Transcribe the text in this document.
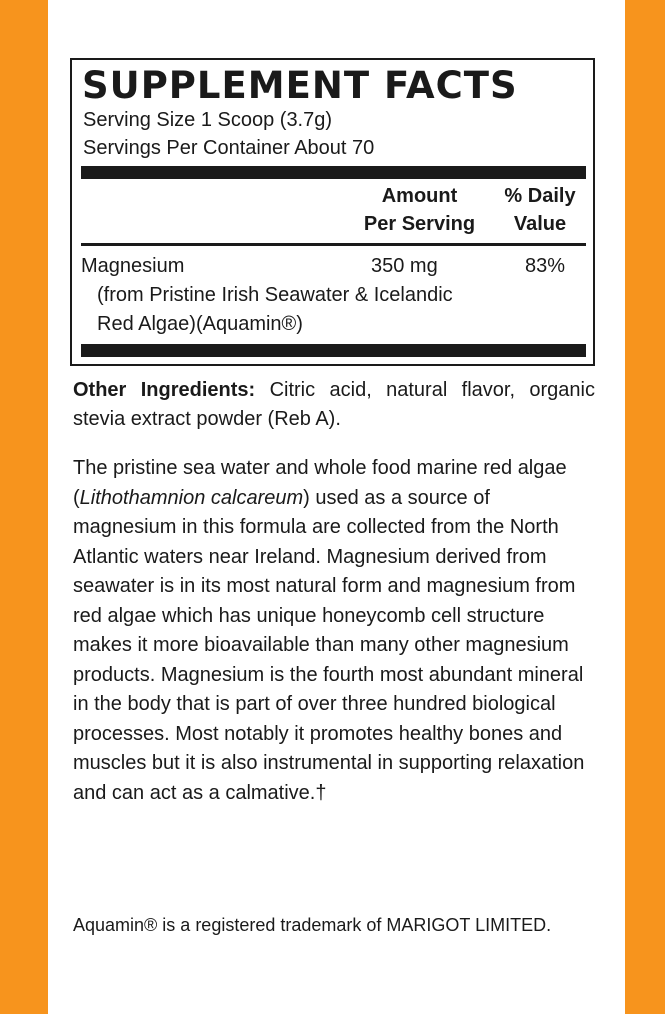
SUPPLEMENT FACTS
Serving Size 1 Scoop (3.7g)
Servings Per Container About 70
Amount
Per Serving
% Daily
Value
Magnesium	350 mg	83%
(from Pristine Irish Seawater & Icelandic
Red Algae)(Aquamin®)
Other Ingredients: Citric acid, natural flavor, organic stevia extract powder (Reb A).
The pristine sea water and whole food marine red algae (Lithothamnion calcareum) used as a source of magnesium in this formula are collected from the North Atlantic waters near Ireland. Magnesium derived from seawater is in its most natural form and magnesium from red algae which has unique honeycomb cell structure makes it more bioavailable than many other magnesium products. Magnesium is the fourth most abundant mineral in the body that is part of over three hundred biological processes. Most notably it promotes healthy bones and muscles but it is also instrumental in supporting relaxation and can act as a calmative.†
Aquamin® is a registered trademark of MARIGOT LIMITED.
